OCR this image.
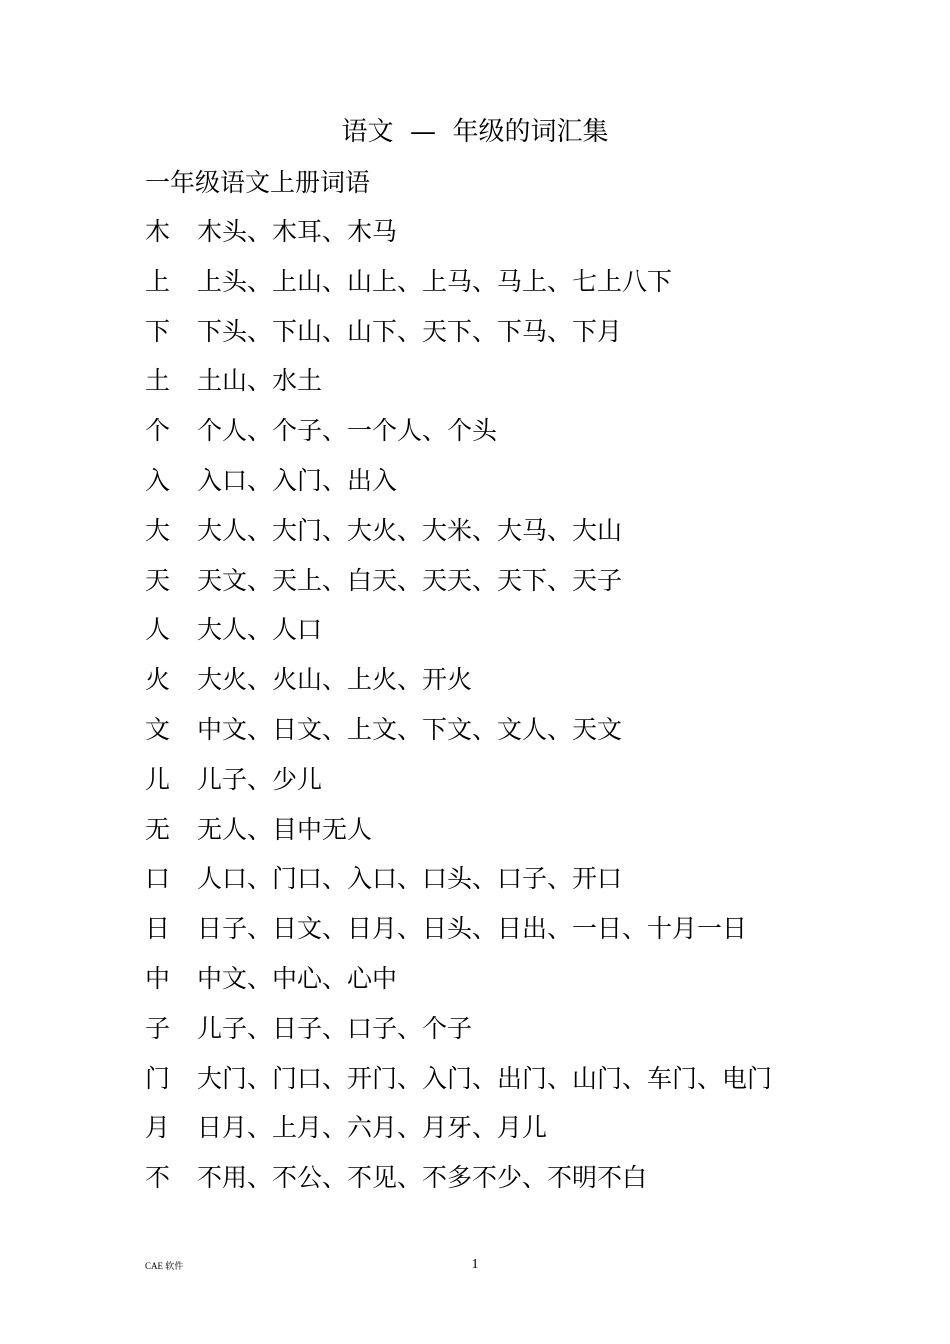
语文  —  年级的词汇集
一年级语文上册词语
木	木头、木耳、木马
上	上头、上山、山上、上马、马上、七上八下
下	下头、下山、山下、天下、下马、下月
土	土山、水土
个	个人、个子、一个人、个头
入	入口、入门、出入
大	大人、大门、大火、大米、大马、大山
天	天文、天上、白天、天天、天下、天子
人	大人、人口
火	大火、火山、上火、开火
文	中文、日文、上文、下文、文人、天文
儿	儿子、少儿
无	无人、目中无人
口	人口、门口、入口、口头、口子、开口
日	日子、日文、日月、日头、日出、一日、十月一日
中	中文、中心、心中
子	儿子、日子、口子、个子
门	大门、门口、开门、入门、出门、山门、车门、电门
月	日月、上月、六月、月牙、月儿
不	不用、不公、不见、不多不少、不明不白
CAE 软件	1
